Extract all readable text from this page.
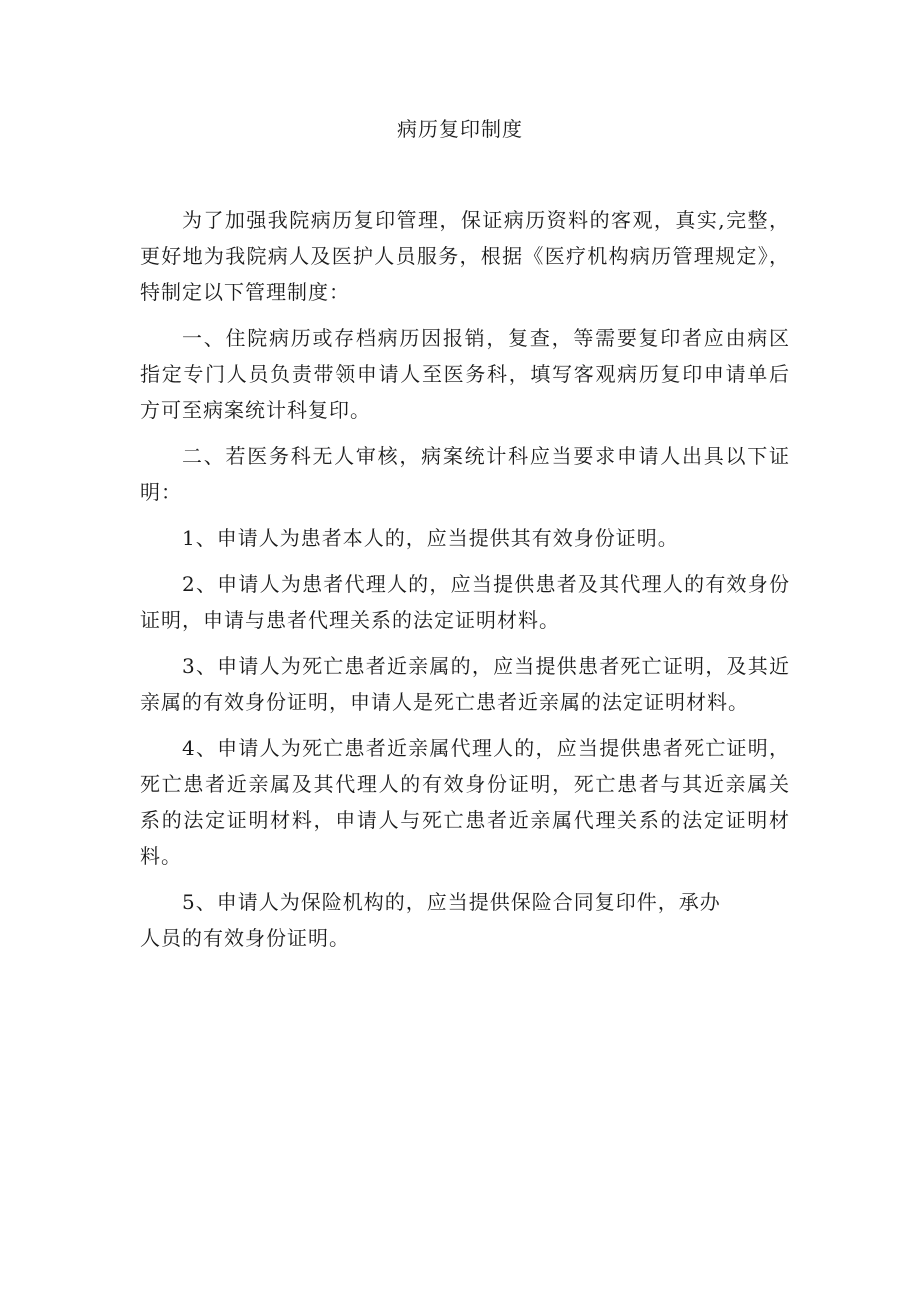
病历复印制度

为了加强我院病历复印管理，保证病历资料的客观，真实,完整，更好地为我院病人及医护人员服务，根据《医疗机构病历管理规定》，特制定以下管理制度：

一、住院病历或存档病历因报销，复查，等需要复印者应由病区指定专门人员负责带领申请人至医务科，填写客观病历复印申请单后方可至病案统计科复印。

二、若医务科无人审核，病案统计科应当要求申请人出具以下证明：

1、申请人为患者本人的，应当提供其有效身份证明。

2、申请人为患者代理人的，应当提供患者及其代理人的有效身份证明，申请与患者代理关系的法定证明材料。

3、申请人为死亡患者近亲属的，应当提供患者死亡证明，及其近亲属的有效身份证明，申请人是死亡患者近亲属的法定证明材料。

4、申请人为死亡患者近亲属代理人的，应当提供患者死亡证明，死亡患者近亲属及其代理人的有效身份证明，死亡患者与其近亲属关系的法定证明材料，申请人与死亡患者近亲属代理关系的法定证明材料。

5、申请人为保险机构的，应当提供保险合同复印件，承办
人员的有效身份证明。
